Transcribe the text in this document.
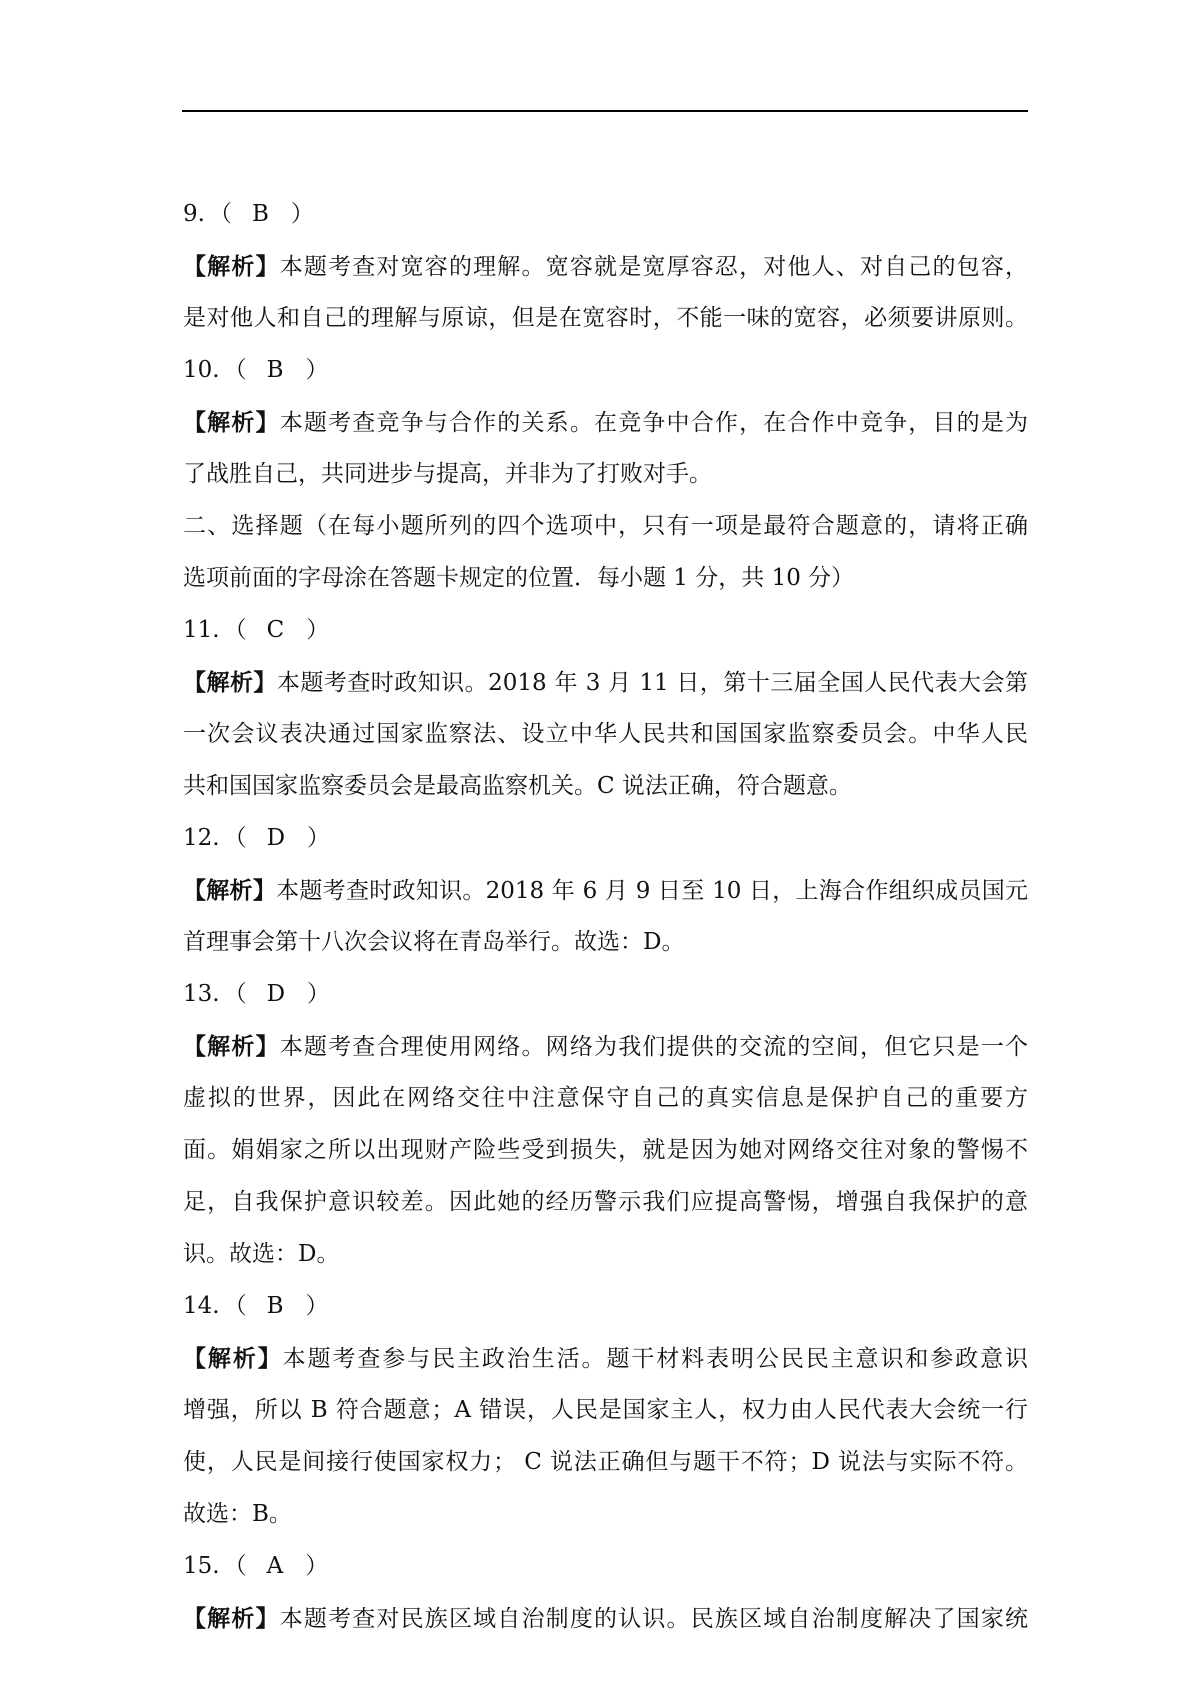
9. （ B ）
【解析】本题考查对宽容的理解。宽容就是宽厚容忍，对他人、对自己的包容，
是对他人和自己的理解与原谅，但是在宽容时，不能一味的宽容，必须要讲原则。
10. （ B ）
【解析】本题考查竞争与合作的关系。在竞争中合作，在合作中竞争，目的是为
了战胜自己，共同进步与提高，并非为了打败对手。
二、选择题（在每小题所列的四个选项中，只有一项是最符合题意的，请将正确
选项前面的字母涂在答题卡规定的位置．每小题 1 分，共 10 分）
11. （ C ）
【解析】本题考查时政知识。2018 年 3 月 11 日，第十三届全国人民代表大会第
一次会议表决通过国家监察法、设立中华人民共和国国家监察委员会。中华人民
共和国国家监察委员会是最高监察机关。C 说法正确，符合题意。
12. （ D ）
【解析】本题考查时政知识。2018 年 6 月 9 日至 10 日，上海合作组织成员国元
首理事会第十八次会议将在青岛举行。故选：D。
13. （ D ）
【解析】本题考查合理使用网络。网络为我们提供的交流的空间，但它只是一个
虚拟的世界，因此在网络交往中注意保守自己的真实信息是保护自己的重要方
面。娟娟家之所以出现财产险些受到损失，就是因为她对网络交往对象的警惕不
足，自我保护意识较差。因此她的经历警示我们应提高警惕，增强自我保护的意
识。故选：D。
14. （ B ）
【解析】本题考查参与民主政治生活。题干材料表明公民民主意识和参政意识
增强，所以 B 符合题意；A 错误，人民是国家主人，权力由人民代表大会统一行
使，人民是间接行使国家权力； C 说法正确但与题干不符；D 说法与实际不符。
故选：B。
15. （ A ）
【解析】本题考查对民族区域自治制度的认识。民族区域自治制度解决了国家统
